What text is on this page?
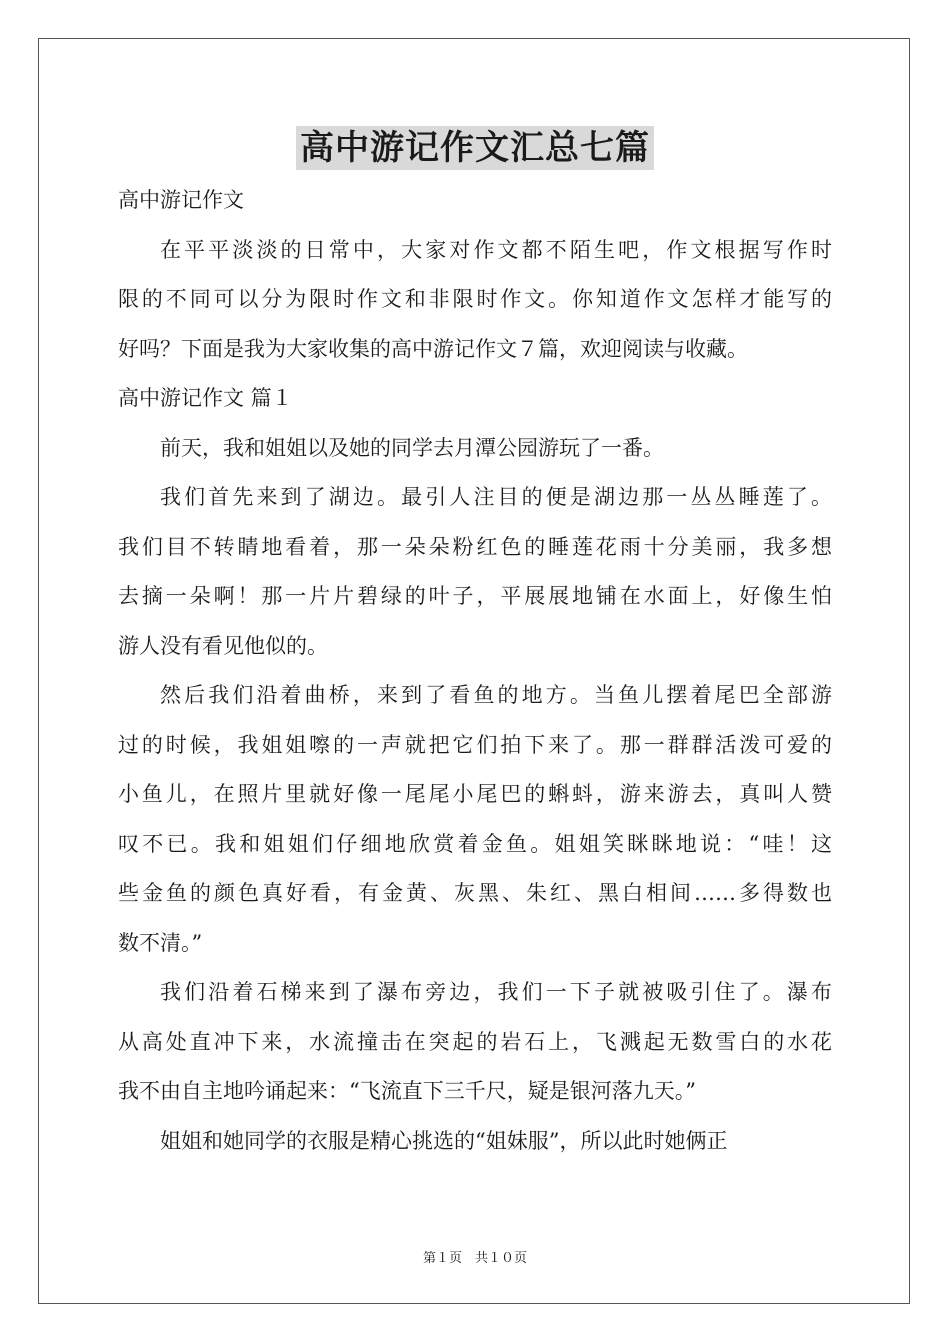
高中游记作文汇总七篇

高中游记作文

在平平淡淡的日常中，大家对作文都不陌生吧，作文根据写作时
限的不同可以分为限时作文和非限时作文。你知道作文怎样才能写的
好吗？下面是我为大家收集的高中游记作文７篇，欢迎阅读与收藏。

高中游记作文 篇１

前天，我和姐姐以及她的同学去月潭公园游玩了一番。

我们首先来到了湖边。最引人注目的便是湖边那一丛丛睡莲了。
我们目不转睛地看着，那一朵朵粉红色的睡莲花雨十分美丽，我多想
去摘一朵啊！那一片片碧绿的叶子，平展展地铺在水面上，好像生怕
游人没有看见他似的。

然后我们沿着曲桥，来到了看鱼的地方。当鱼儿摆着尾巴全部游
过的时候，我姐姐嚓的一声就把它们拍下来了。那一群群活泼可爱的
小鱼儿，在照片里就好像一尾尾小尾巴的蝌蚪，游来游去，真叫人赞
叹不已。我和姐姐们仔细地欣赏着金鱼。姐姐笑眯眯地说：“哇！这
些金鱼的颜色真好看，有金黄、灰黑、朱红、黑白相间……多得数也
数不清。”

我们沿着石梯来到了瀑布旁边，我们一下子就被吸引住了。瀑布
从高处直冲下来，水流撞击在突起的岩石上，飞溅起无数雪白的水花
我不由自主地吟诵起来：“飞流直下三千尺，疑是银河落九天。”

姐姐和她同学的衣服是精心挑选的“姐妹服”，所以此时她俩正

第１页　共１０页
